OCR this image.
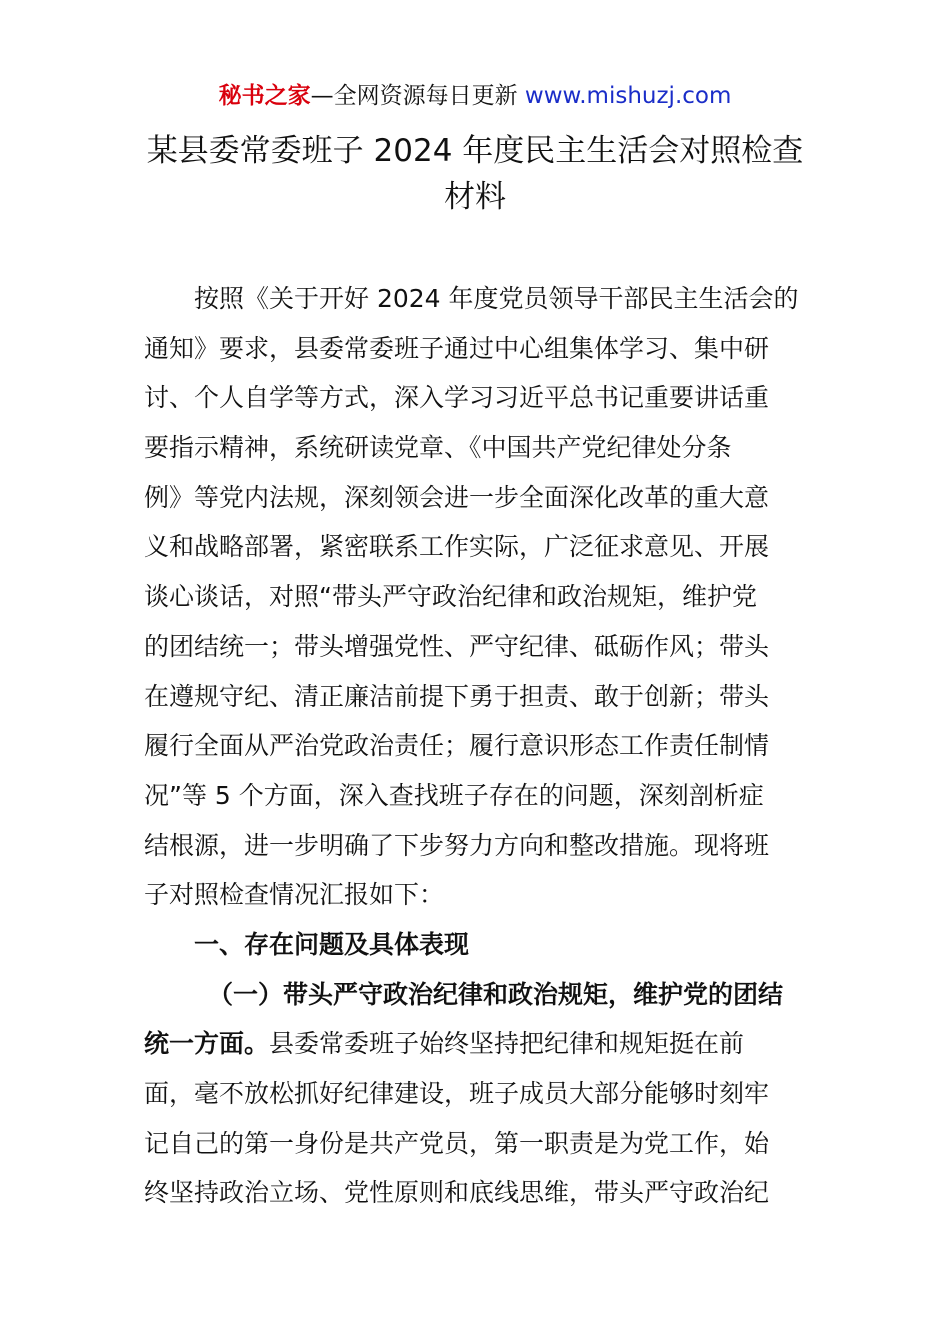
秘书之家—全网资源每日更新 www.mishuzj.com
某县委常委班子 2024 年度民主生活会对照检查
材料
按照《关于开好 2024 年度党员领导干部民主生活会的
通知》要求，县委常委班子通过中心组集体学习、集中研
讨、个人自学等方式，深入学习习近平总书记重要讲话重
要指示精神，系统研读党章、《中国共产党纪律处分条
例》等党内法规，深刻领会进一步全面深化改革的重大意
义和战略部署，紧密联系工作实际，广泛征求意见、开展
谈心谈话，对照“带头严守政治纪律和政治规矩，维护党
的团结统一；带头增强党性、严守纪律、砥砺作风；带头
在遵规守纪、清正廉洁前提下勇于担责、敢于创新；带头
履行全面从严治党政治责任；履行意识形态工作责任制情
况”等 5 个方面，深入查找班子存在的问题，深刻剖析症
结根源，进一步明确了下步努力方向和整改措施。现将班
子对照检查情况汇报如下：
一、存在问题及具体表现
（一）带头严守政治纪律和政治规矩，维护党的团结
统一方面。县委常委班子始终坚持把纪律和规矩挺在前
面，毫不放松抓好纪律建设，班子成员大部分能够时刻牢
记自己的第一身份是共产党员，第一职责是为党工作，始
终坚持政治立场、党性原则和底线思维，带头严守政治纪
